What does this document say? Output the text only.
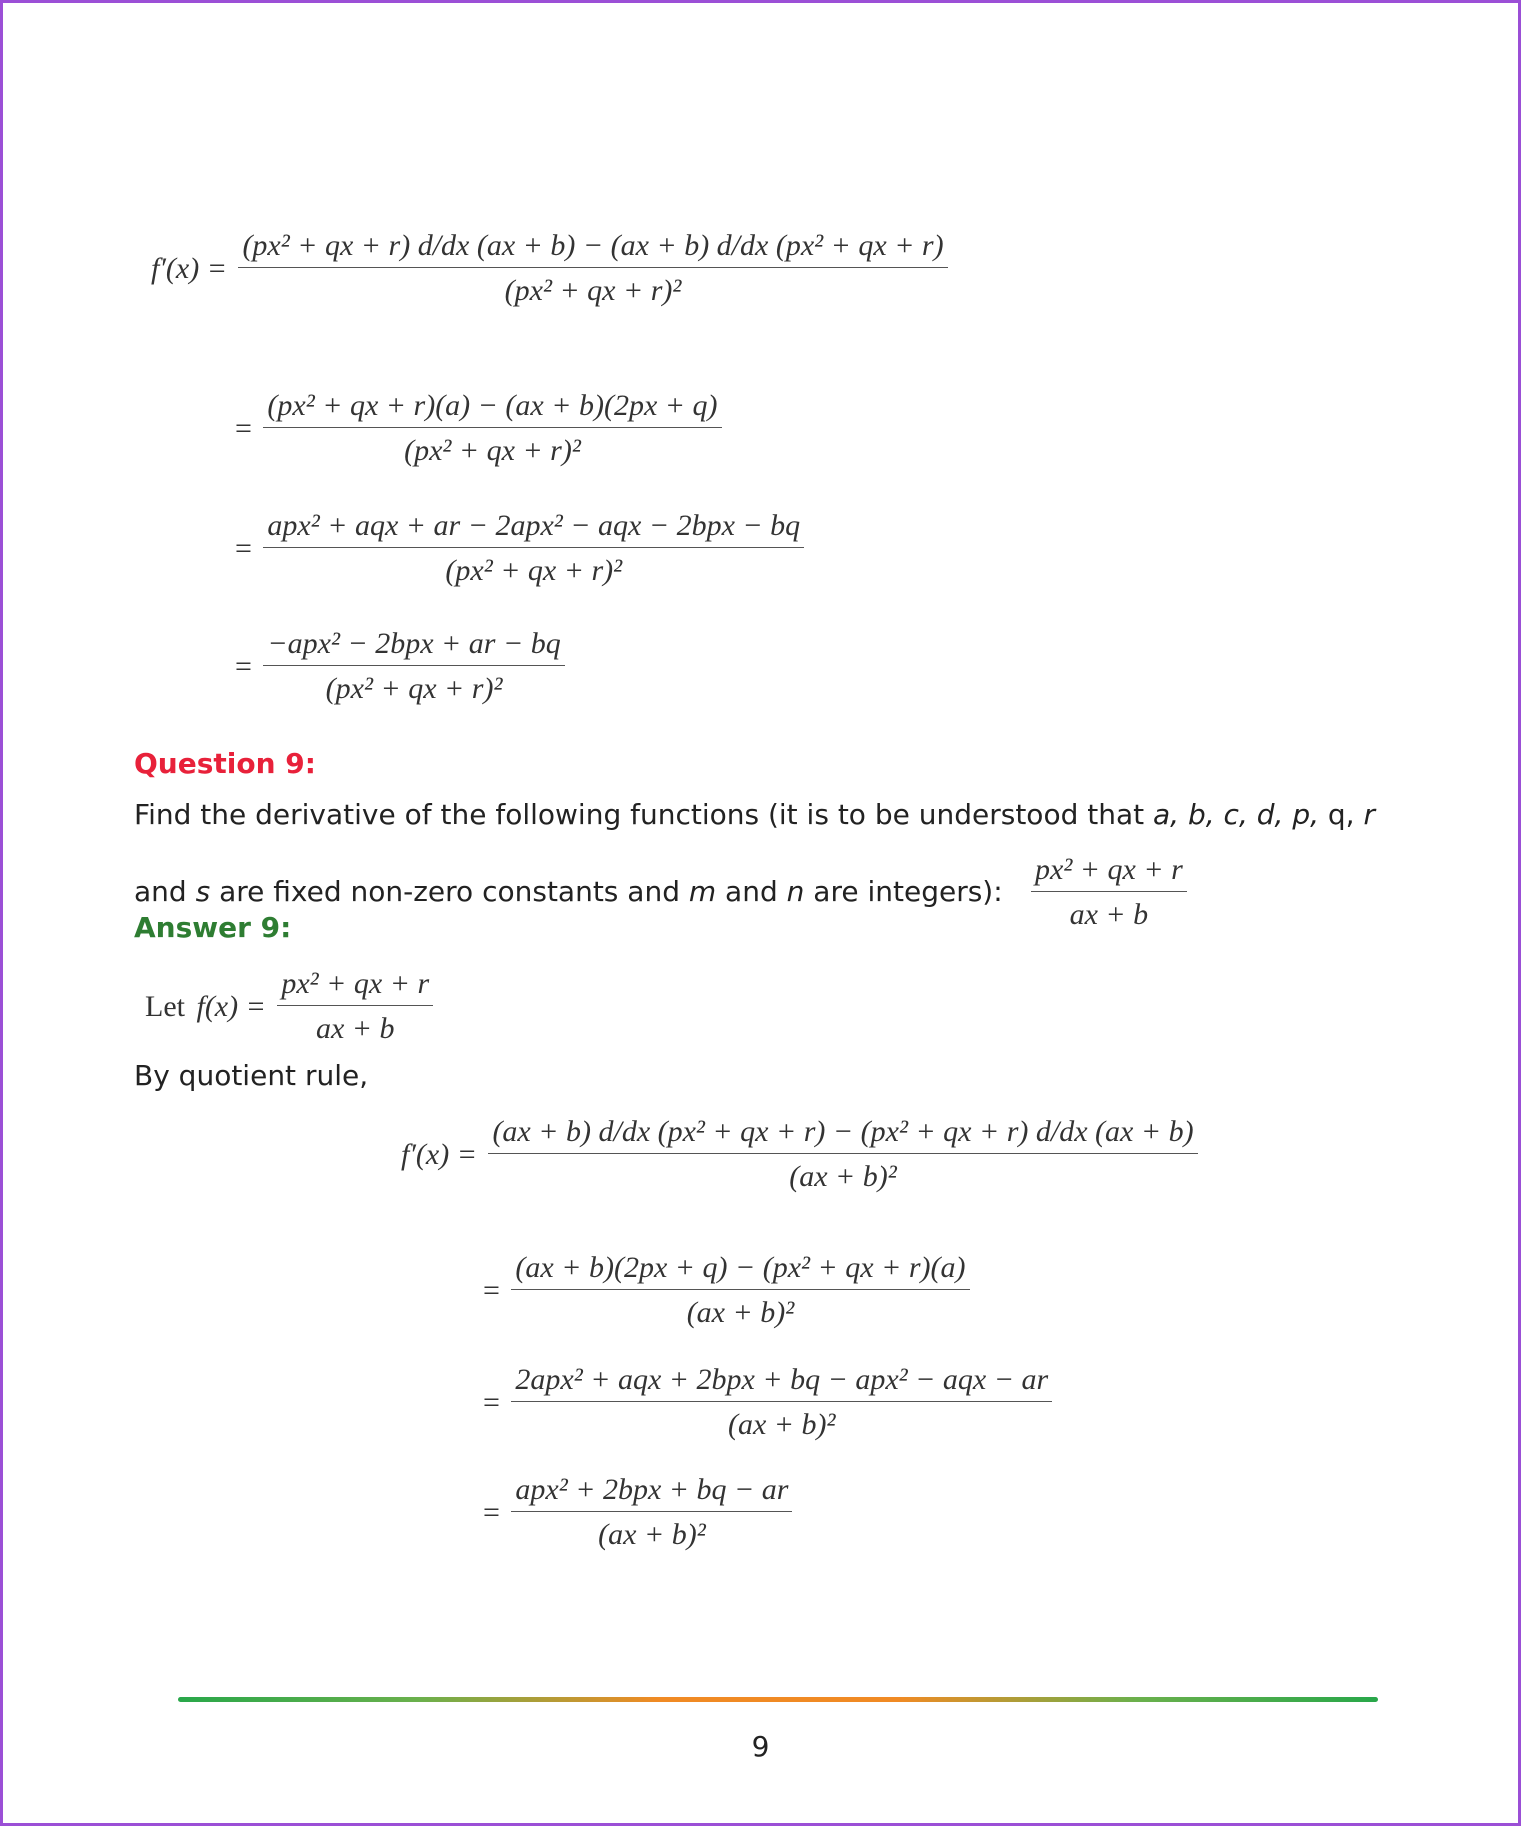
$f'(x) = \frac{\text{(px² + qx + r) d/dx (ax + b) − (ax + b) d/dx (px² + qx + r)}}{\text{(px² + qx + r)²}}$
= $\frac{\text{(px² + qx + r)(a) − (ax + b)(2px + q)}}{\text{(px² + qx + r)²}}$
= $\frac{\text{apx² + aqx + ar − 2apx² − aqx − 2bpx − bq}}{\text{(px² + qx + r)²}}$
= $\frac{\text{−apx² − 2bpx + ar − bq}}{\text{(px² + qx + r)²}}$
Question 9:
Find the derivative of the following functions (it is to be understood that a, b, c, d, p, q, r
and s are fixed non-zero constants and m and n are integers): $\frac{\text{px² + qx + r}}{ax + b}$
Answer 9:
Let $f(x) = \frac{\text{px² + qx + r}}{ax + b}$
By quotient rule,
$f'(x) = \frac{\text{(ax + b) d/dx (px² + qx + r) − (px² + qx + r) d/dx (ax + b)}}{\text{(ax + b)²}}$
= $\frac{\text{(ax + b)(2px + q) − (px² + qx + r)(a)}}{\text{(ax + b)²}}$
= $\frac{\text{2apx² + aqx + 2bpx + bq − apx² − aqx − ar}}{\text{(ax + b)²}}$
= $\frac{\text{apx² + 2bpx + bq − ar}}{\text{(ax + b)²}}$
9
